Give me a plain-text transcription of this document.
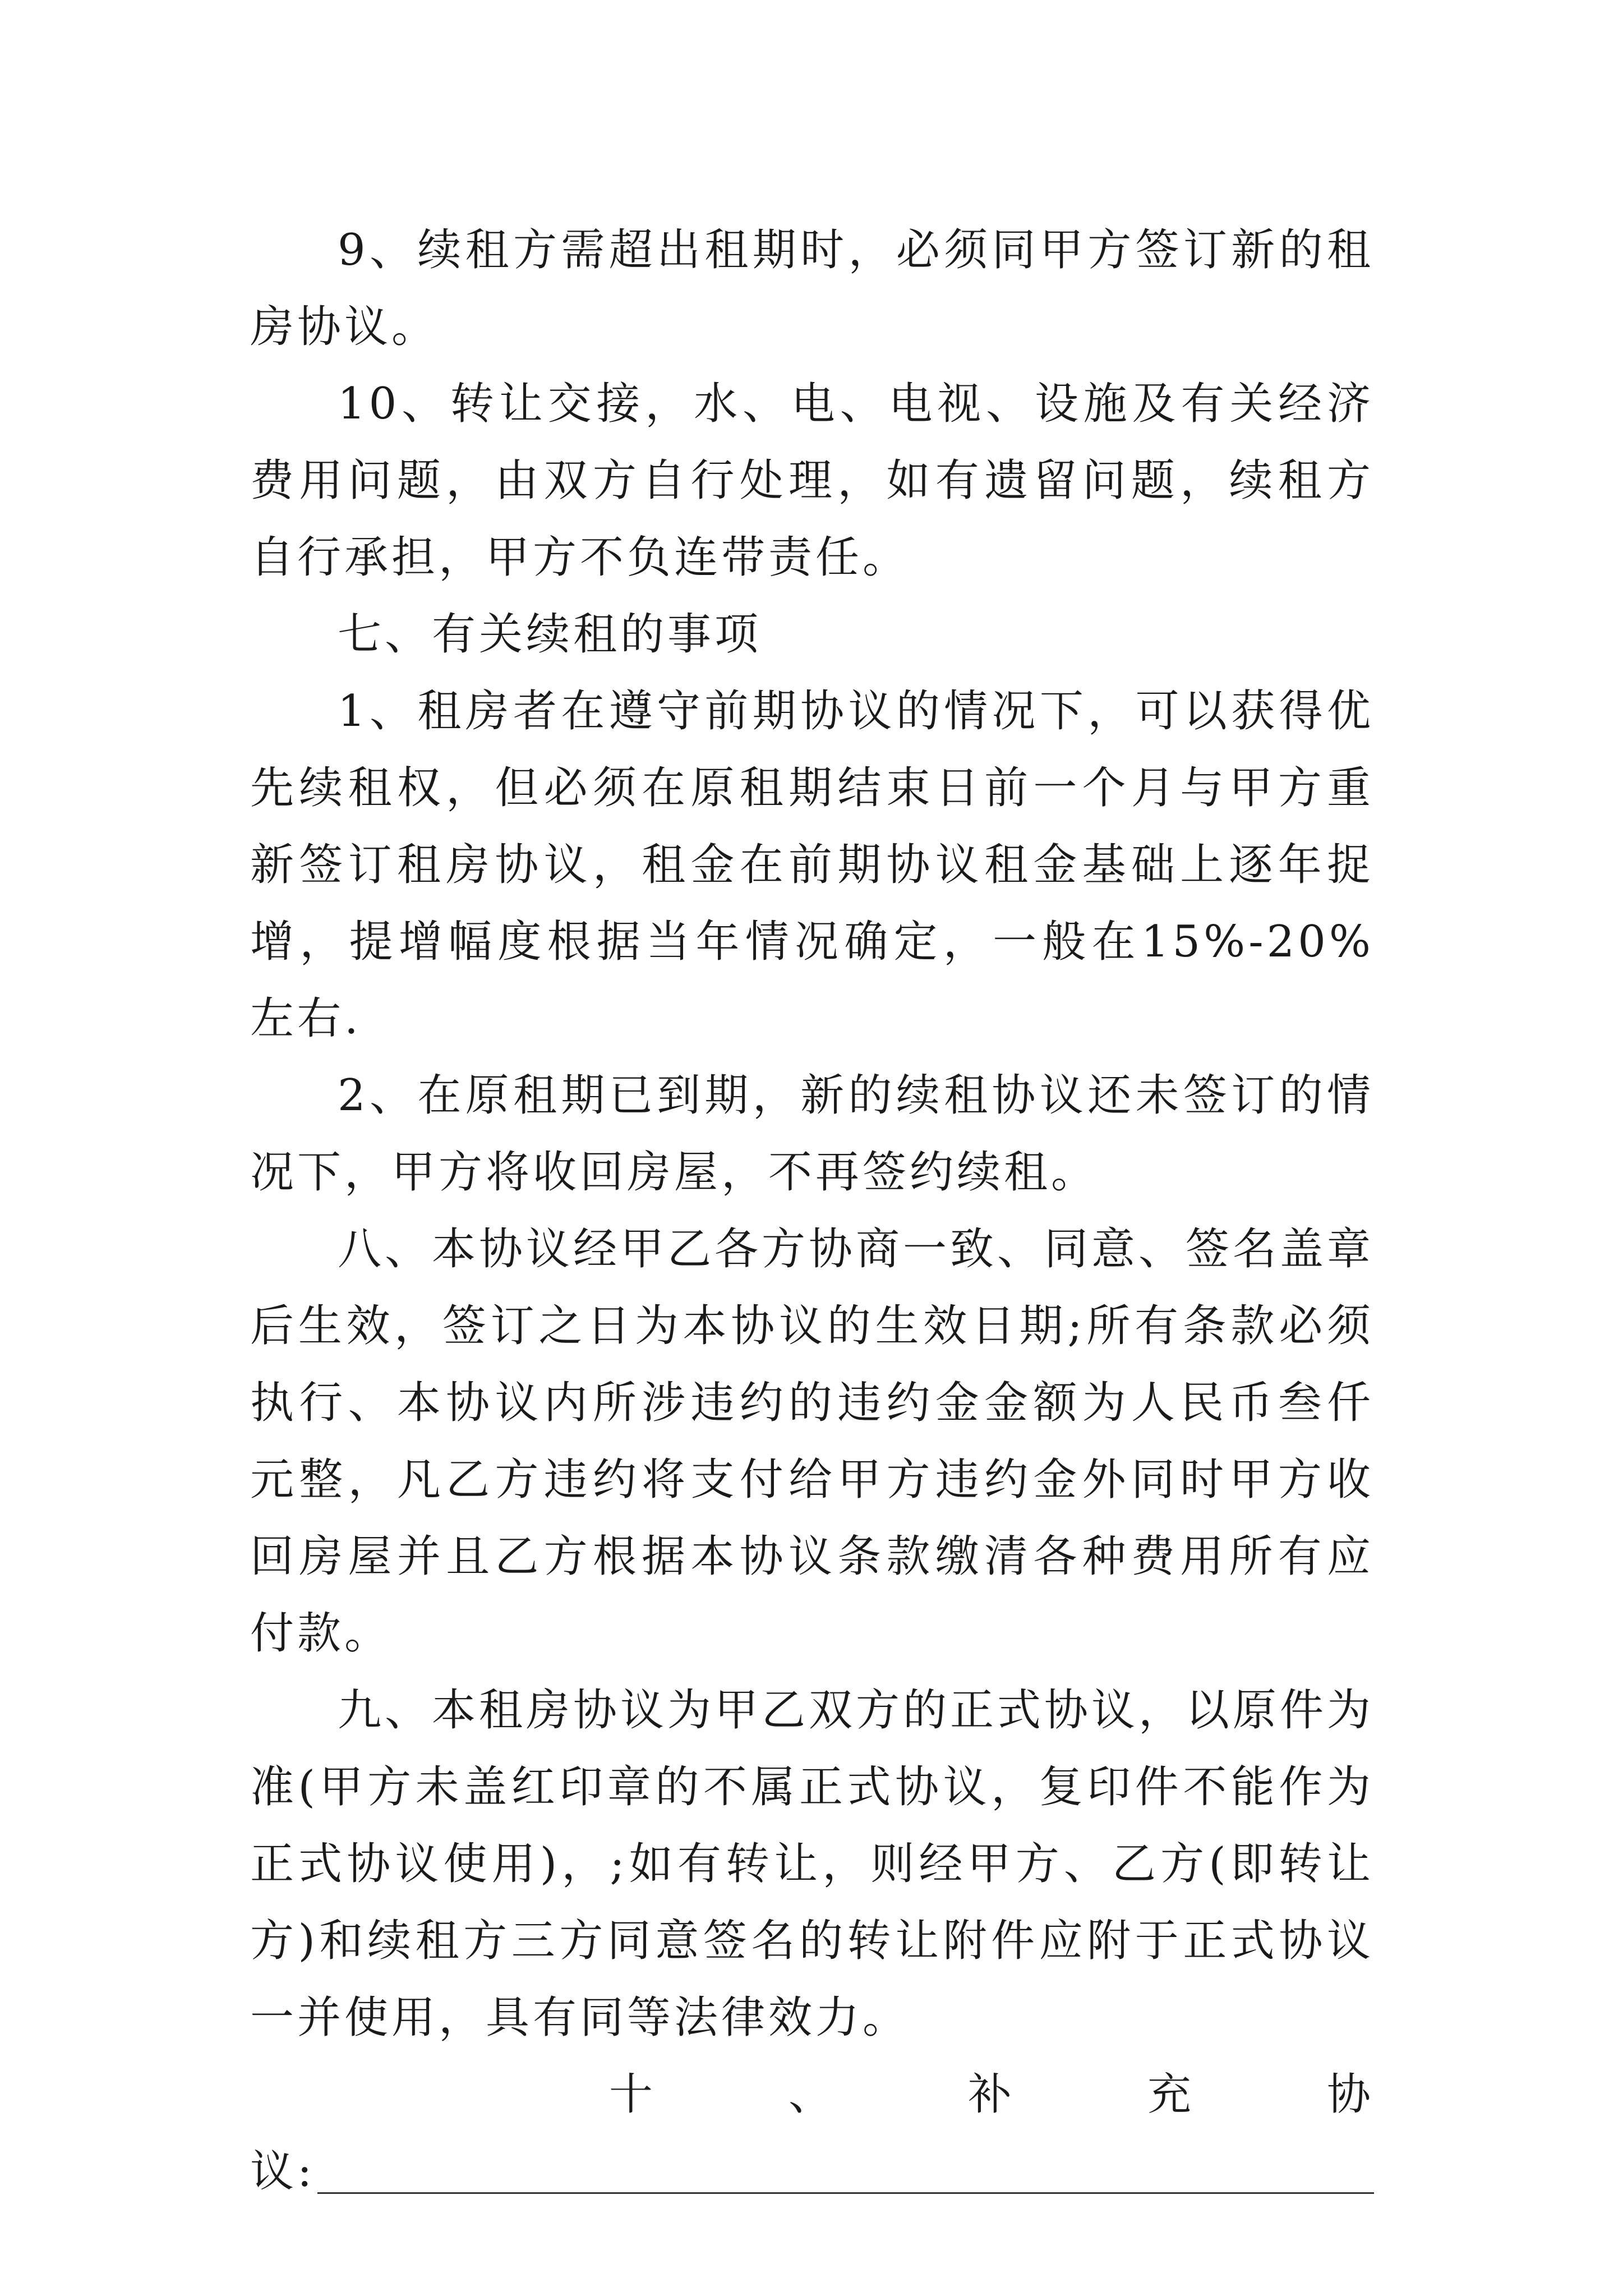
9、续租方需超出租期时，必须同甲方签订新的租房协议。

10、转让交接，水、电、电视、设施及有关经济费用问题，由双方自行处理，如有遗留问题，续租方自行承担，甲方不负连带责任。

七、有关续租的事项

1、租房者在遵守前期协议的情况下，可以获得优先续租权，但必须在原租期结束日前一个月与甲方重新签订租房协议，租金在前期协议租金基础上逐年捉增，提增幅度根据当年情况确定，一般在15%-20%左右.

2、在原租期已到期，新的续租协议还未签订的情况下，甲方将收回房屋，不再签约续租。

八、本协议经甲乙各方协商一致、同意、签名盖章后生效，签订之日为本协议的生效日期;所有条款必须执行、本协议内所涉违约的违约金金额为人民币叁仟元整，凡乙方违约将支付给甲方违约金外同时甲方收回房屋并且乙方根据本协议条款缴清各种费用所有应付款。

九、本租房协议为甲乙双方的正式协议，以原件为准(甲方未盖红印章的不属正式协议，复印件不能作为正式协议使用)，;如有转让，则经甲方、乙方(即转让方)和续租方三方同意签名的转让附件应附于正式协议一并使用，具有同等法律效力。

十	、	补	充	协
议:
